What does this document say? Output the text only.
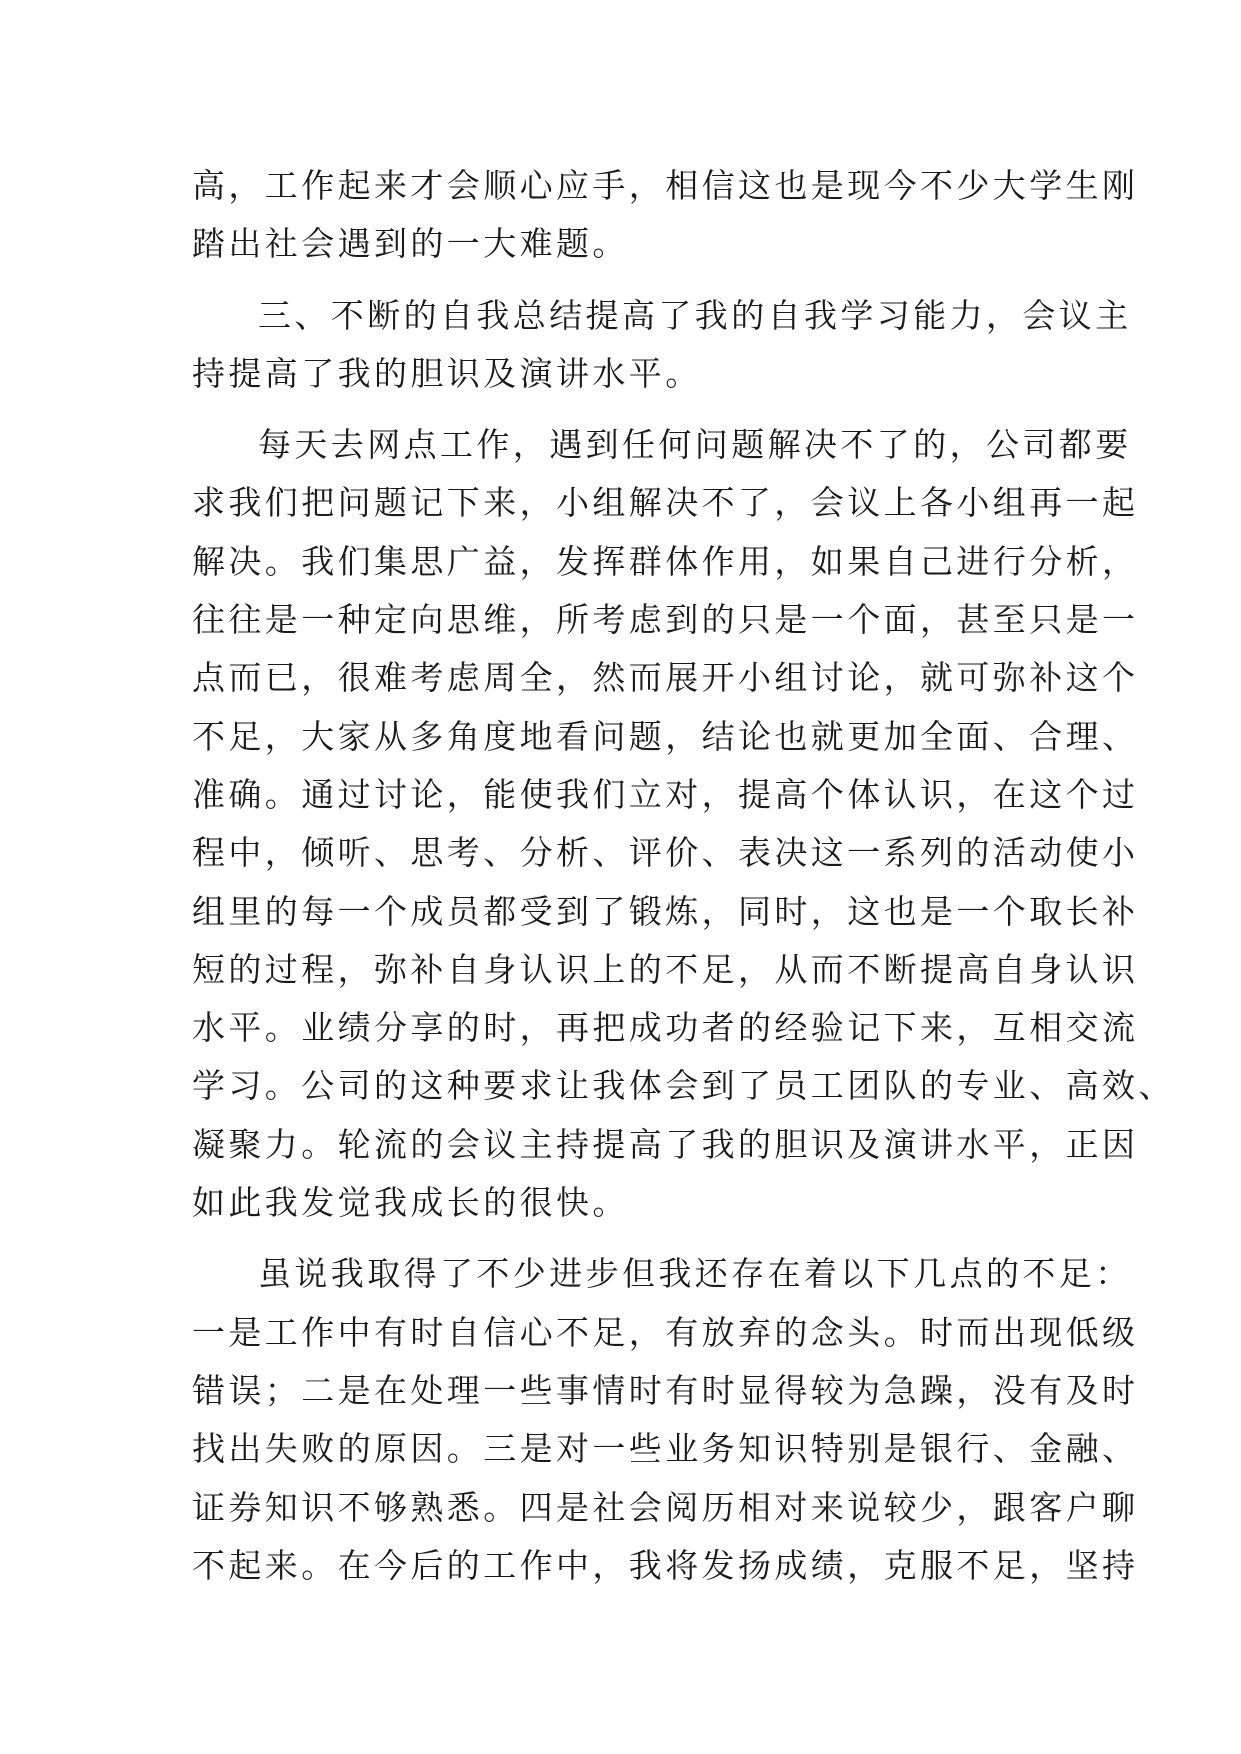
高，工作起来才会顺心应手，相信这也是现今不少大学生刚
踏出社会遇到的一大难题。
三、不断的自我总结提高了我的自我学习能力，会议主
持提高了我的胆识及演讲水平。
每天去网点工作，遇到任何问题解决不了的，公司都要
求我们把问题记下来，小组解决不了，会议上各小组再一起
解决。我们集思广益，发挥群体作用，如果自己进行分析，
往往是一种定向思维，所考虑到的只是一个面，甚至只是一
点而已，很难考虑周全，然而展开小组讨论，就可弥补这个
不足，大家从多角度地看问题，结论也就更加全面、合理、
准确。通过讨论，能使我们立对，提高个体认识，在这个过
程中，倾听、思考、分析、评价、表决这一系列的活动使小
组里的每一个成员都受到了锻炼，同时，这也是一个取长补
短的过程，弥补自身认识上的不足，从而不断提高自身认识
水平。业绩分享的时，再把成功者的经验记下来，互相交流
学习。公司的这种要求让我体会到了员工团队的专业、高效、
凝聚力。轮流的会议主持提高了我的胆识及演讲水平，正因
如此我发觉我成长的很快。
虽说我取得了不少进步但我还存在着以下几点的不足：
一是工作中有时自信心不足，有放弃的念头。时而出现低级
错误；二是在处理一些事情时有时显得较为急躁，没有及时
找出失败的原因。三是对一些业务知识特别是银行、金融、
证券知识不够熟悉。四是社会阅历相对来说较少，跟客户聊
不起来。在今后的工作中，我将发扬成绩，克服不足，坚持
